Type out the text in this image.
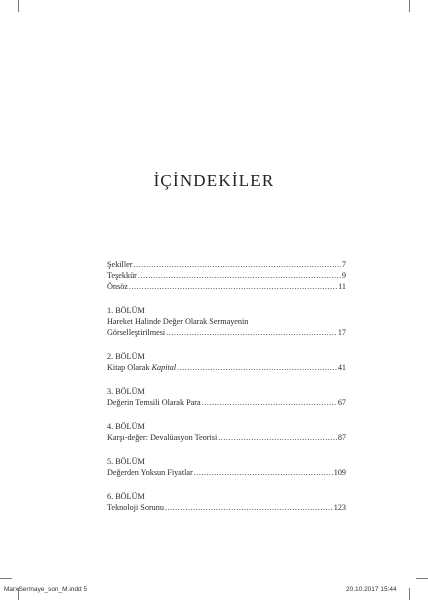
İÇİNDEKİLER
Şekiller .....	7
Teşekkür .....	9
Önsöz .....	11
1. BÖLÜM
Hareket Halinde Değer Olarak Sermayenin
Görselleştirilmesi .....	17
2. BÖLÜM
Kitap Olarak Kapital .....	41
3. BÖLÜM
Değerin Temsili Olarak Para .....	67
4. BÖLÜM
Karşı-değer: Devalüasyon Teorisi .....	87
5. BÖLÜM
Değerden Yoksun Fiyatlar .....	109
6. BÖLÜM
Teknoloji Sorunu .....	123
MarxSermaye_son_M.indd 5	20.10.2017 15:44
